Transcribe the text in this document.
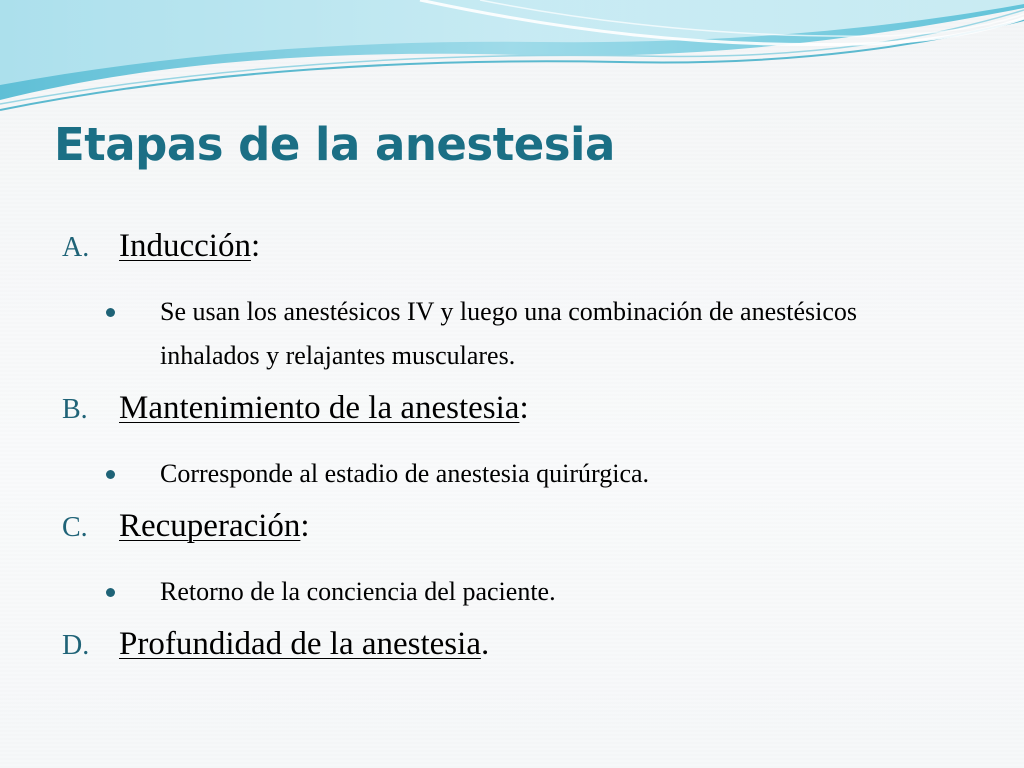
Etapas de la anestesia
A. Inducción:
Se usan los anestésicos IV y luego una combinación de anestésicos inhalados y relajantes musculares.
B. Mantenimiento de la anestesia:
Corresponde al estadio de anestesia quirúrgica.
C. Recuperación:
Retorno de la conciencia del paciente.
D. Profundidad de la anestesia.
